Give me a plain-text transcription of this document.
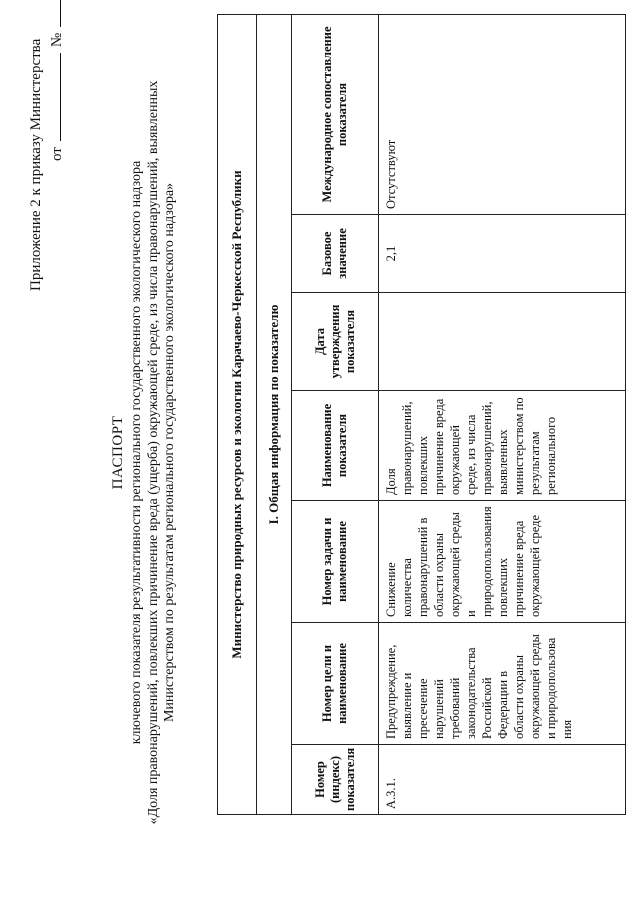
Приложение 2 к приказу Министерства от№
ПАСПОРТ ключевого показателя результативности регионального государственного экологического надзора «Доля правонарушений, повлекших причинение вреда (ущерба) окружающей среде, из числа правонарушений, выявленных Министерством по результатам регионального государственного экологического надзора»	Министерство природных ресурсов и экологии Карачаево-Черкесской Республики						
I. Общая информация по показателю						
Номер (индекс) показателя	Номер цели и наименование	Номер задачи и наименование	Наименование показателя	Дата утверждения показателя	Базовое значение	Международное сопоставление показателя
А.3.1.	Предупреждение, выявление и пресечение нарушений требований законодательства Российской Федерации в области охраны окружающей среды и природопользова ния	Снижение количества правонарушений в области охраны окружающей среды и природопользования повлекших причинение вреда окружающей среде	Доля правонарушений, повлекших причинение вреда окружающей среде, из числа правонарушений, выявленных министерством по результатам регионального		2,1	Отсутствуют
